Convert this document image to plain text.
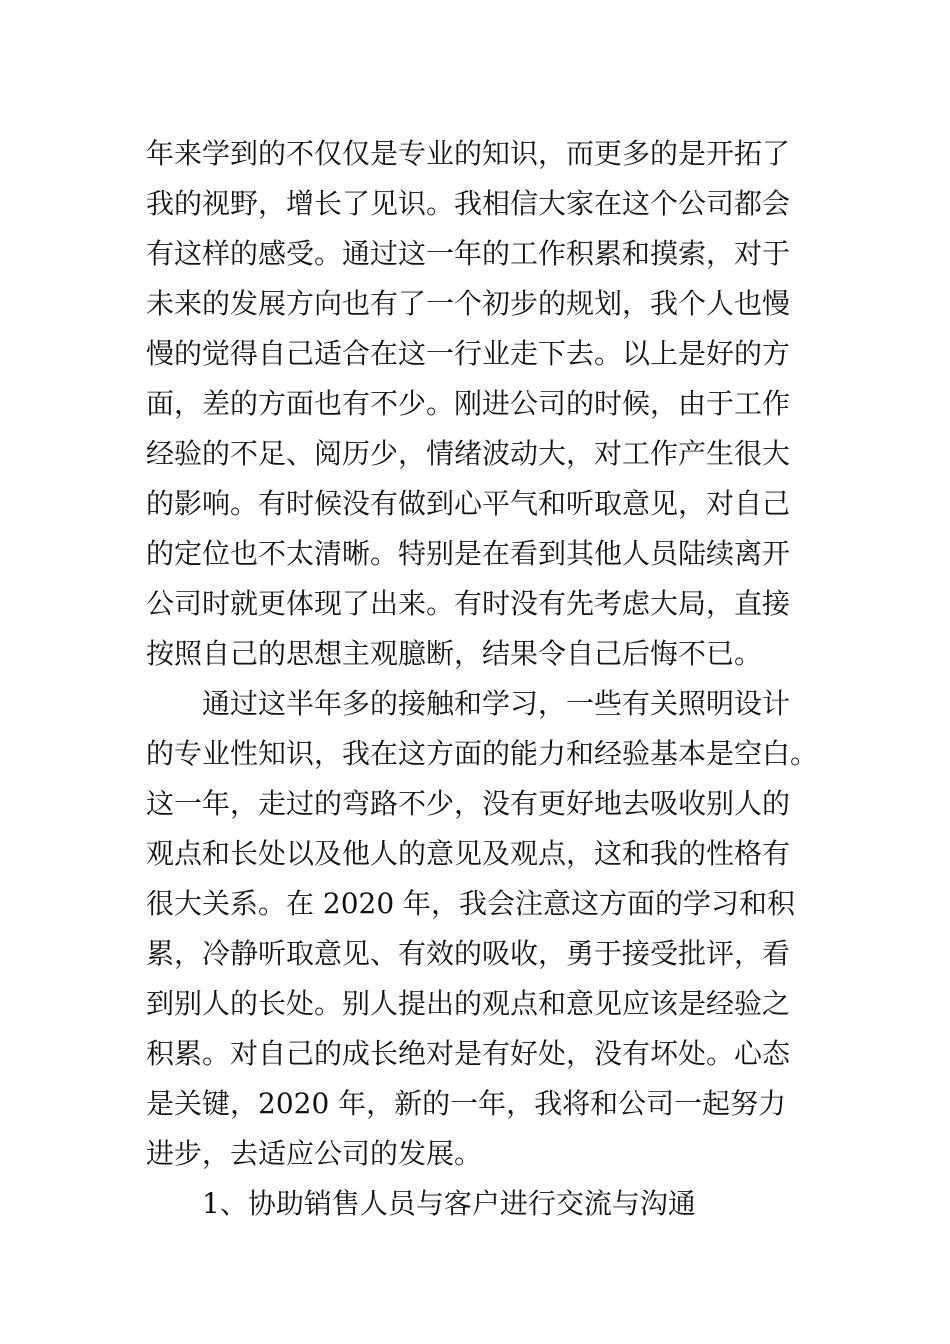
年来学到的不仅仅是专业的知识，而更多的是开拓了
我的视野，增长了见识。我相信大家在这个公司都会
有这样的感受。通过这一年的工作积累和摸索，对于
未来的发展方向也有了一个初步的规划，我个人也慢
慢的觉得自己适合在这一行业走下去。以上是好的方
面，差的方面也有不少。刚进公司的时候，由于工作
经验的不足、阅历少，情绪波动大，对工作产生很大
的影响。有时候没有做到心平气和听取意见，对自己
的定位也不太清晰。特别是在看到其他人员陆续离开
公司时就更体现了出来。有时没有先考虑大局，直接
按照自己的思想主观臆断，结果令自己后悔不已。
通过这半年多的接触和学习，一些有关照明设计
的专业性知识，我在这方面的能力和经验基本是空白。
这一年，走过的弯路不少，没有更好地去吸收别人的
观点和长处以及他人的意见及观点，这和我的性格有
很大关系。在 2020 年，我会注意这方面的学习和积
累，冷静听取意见、有效的吸收，勇于接受批评，看
到别人的长处。别人提出的观点和意见应该是经验之
积累。对自己的成长绝对是有好处，没有坏处。心态
是关键，2020 年，新的一年，我将和公司一起努力
进步，去适应公司的发展。
1、协助销售人员与客户进行交流与沟通
